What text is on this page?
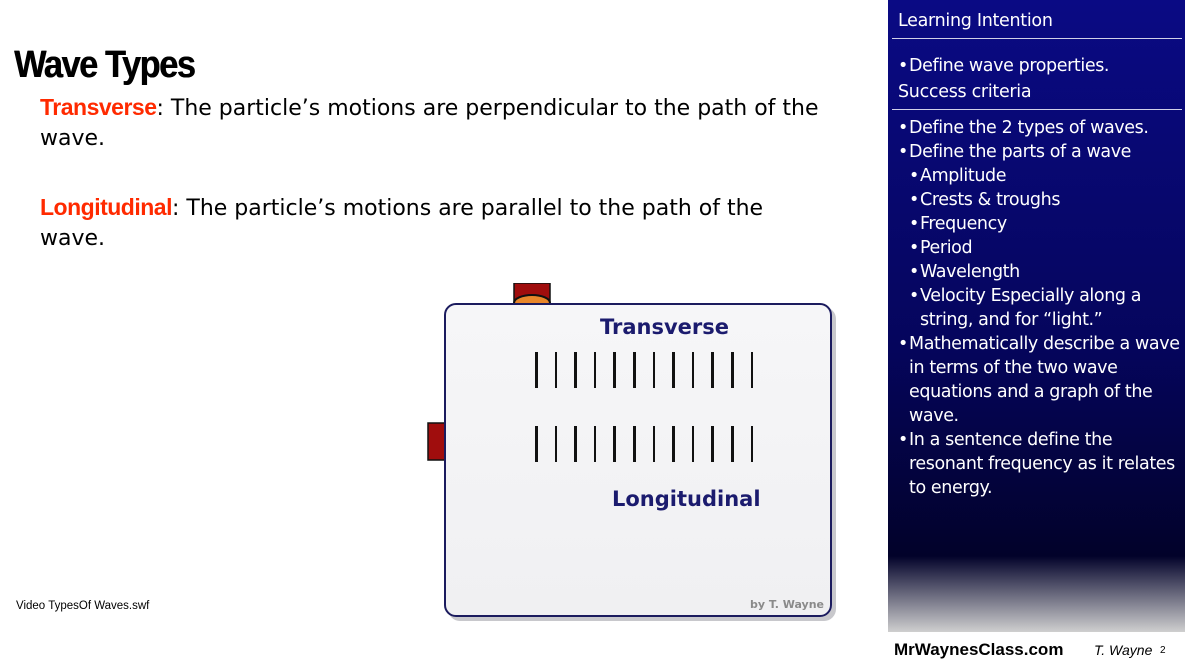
Wave Types

Transverse: The particle’s motions are perpendicular to the path of the wave.

Longitudinal: The particle’s motions are parallel to the path of the wave.

Transverse
Longitudinal
by T. Wayne
Video TypesOf Waves.swf
Learning Intention
• Define wave properties.
Success criteria
• Define the 2 types of waves.
• Define the parts of a wave
• Amplitude
• Crests & troughs
• Frequency
• Period
• Wavelength
• Velocity Especially along a string, and for “light.”
• Mathematically describe a wave in terms of the two wave equations and a graph of the wave.
• In a sentence define the resonant frequency as it relates to energy.
MrWaynesClass.com T. Wayne 2
